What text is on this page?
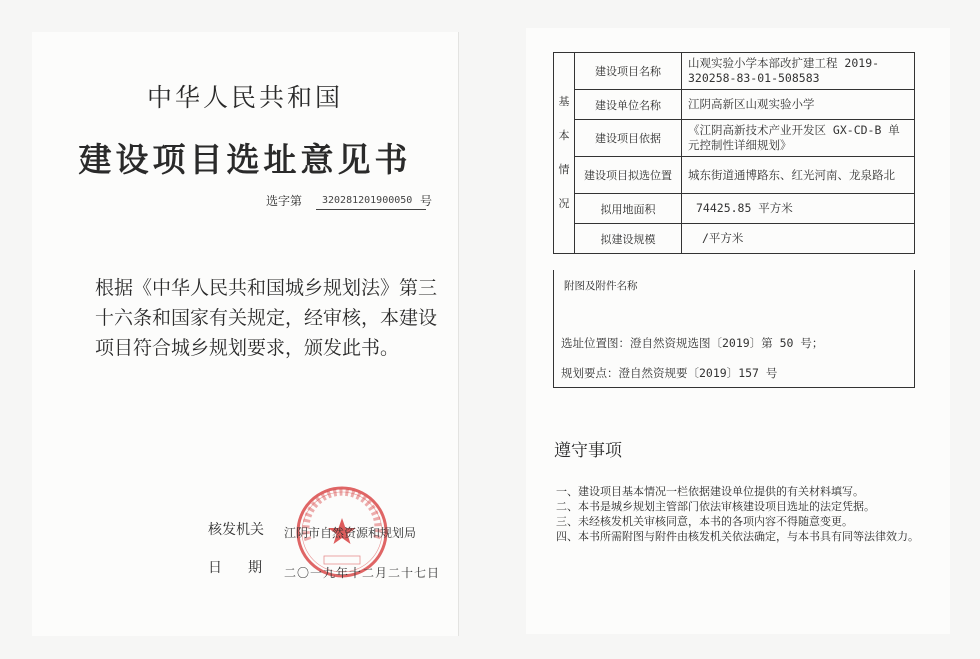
中华人民共和国
建设项目选址意见书
选字第 320281201900050 号
根据《中华人民共和国城乡规划法》第三十六条和国家有关规定，经审核，本建设项目符合城乡规划要求，颁发此书。
核发机关 江阴市自然资源和规划局
日期
二〇一九年十二月二十七日
基
本
情
况	建设项目名称	山观实验小学本部改扩建工程 2019-320258-83-01-508583
	建设单位名称	江阴高新区山观实验小学
	建设项目依据	《江阴高新技术产业开发区 GX-CD-B 单元控制性详细规划》
	建设项目拟选位置	城东街道通博路东、红光河南、龙泉路北
	拟用地面积	74425.85 平方米
	拟建设规模	/平方米
附图及附件名称
选址位置图：澄自然资规选图〔2019〕第 50 号；
规划要点：澄自然资规要〔2019〕157 号
遵守事项
一、建设项目基本情况一栏依据建设单位提供的有关材料填写。
二、本书是城乡规划主管部门依法审核建设项目选址的法定凭据。
三、未经核发机关审核同意，本书的各项内容不得随意变更。
四、本书所需附图与附件由核发机关依法确定，与本书具有同等法律效力。
